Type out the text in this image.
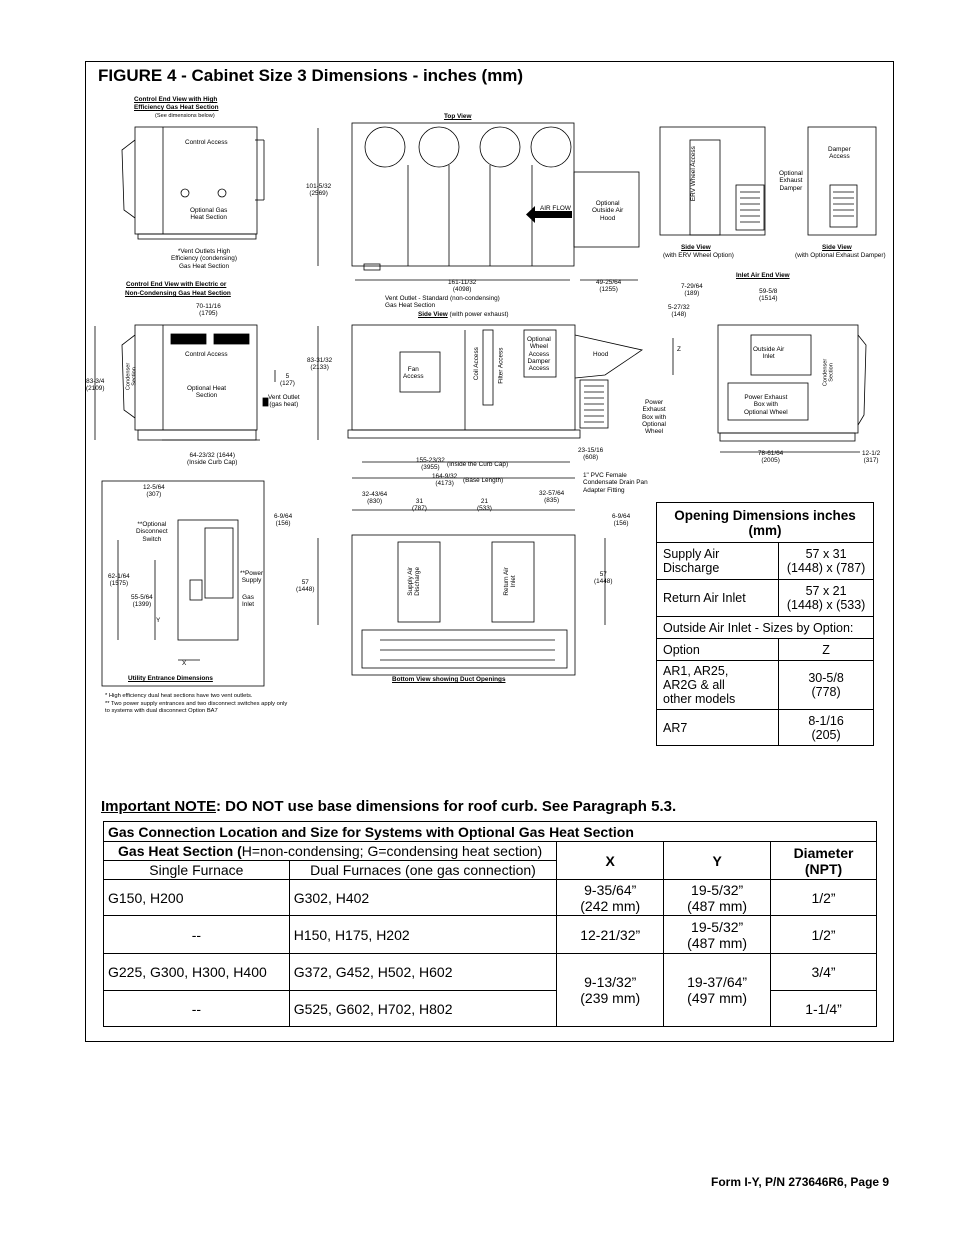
FIGURE 4 - Cabinet Size 3 Dimensions - inches (mm)
Control End View with High
Efficiency Gas Heat Section
(See dimensions below)
Control Access
Optional Gas
Heat Section
*Vent Outlets High
Efficiency (condensing)
Gas Heat Section
Top View
101-5/32
(2569)
AIR FLOW
Optional
Outside Air
Hood
161-11/32
(4098)
49-25/64
(1255)
Vent Outlet - Standard (non-condensing)
Gas Heat Section
Side View (with power exhaust)
Control End View with Electric or
Non-Condensing Gas Heat Section
70-11/16
(1795)
83-3/4
(2109)	Condenser
Section
Control Access
Optional Heat
Section
5
(127)
Vent Outlet
(gas heat)
64-23/32 (1644)
(Inside Curb Cap)
83-31/32
(2133)	Fan
Access	Coil Access	Filter Access
Optional
Wheel
Access
Damper
Access
Hood
Power
Exhaust
Box with
Optional
Wheel
23-15/16
(608)
155-23/32
(3955)	(Inside the Curb Cap)
164-9/32
(4173)	(Base Length)
1" PVC Female
Condensate Drain Pan
Adapter Fitting
ERV Wheel Access
Side View
(with ERV Wheel Option)
Damper
Access
Optional
Exhaust
Damper
Side View
(with Optional Exhaust Damper)
Inlet Air End View
7-29/64
(189)
5-27/32
(148)
59-5/8
(1514)
Z	Outside Air
Inlet
Condenser
Section
Power Exhaust
Box with
Optional Wheel
78-61/64
(2005)
12-1/2
(317)
12-5/64
(307)
**Optional
Disconnect
Switch
**Power
Supply
Gas
Inlet
62-1/64
(1575)
55-5/64
(1399)
Y
X
Utility Entrance Dimensions
6-9/64
(156)
32-43/64
(830)	31
(787)
21
(533)
32-57/64
(835)
6-9/64
(156)
57
(1448)
57
(1448)
Supply Air
Discharge	Return Air
Inlet
Bottom View showing Duct Openings
* High efficiency dual heat sections have two vent outlets.
** Two power supply entrances and two disconnect switches apply only
to systems with dual disconnect Option BA7
Opening Dimensions inches (mm)	
Supply Air Discharge	57 x 31
(1448) x (787)
Return Air Inlet	57 x 21
(1448) x (533)
Outside Air Inlet - Sizes by Option:	
Option	Z
AR1, AR25,
AR2G & all
other models	30-5/8
(778)
AR7	8-1/16
(205)
Important NOTE: DO NOT use base dimensions for roof curb. See Paragraph 5.3.
Gas Connection Location and Size for Systems with Optional Gas Heat Section				
Gas Heat Section (H=non-condensing; G=condensing heat section)		X	Y	Diameter
(NPT)
Single Furnace	Dual Furnaces (one gas connection)			
G150, H200	G302, H402	9-35/64”
(242 mm)	19-5/32”
(487 mm)	1/2”
--	H150, H175, H202	12-21/32”	19-5/32”
(487 mm)	1/2”
G225, G300, H300, H400	G372, G452, H502, H602	9-13/32”
(239 mm)	19-37/64”
(497 mm)	3/4”
--	G525, G602, H702, H802			1-1/4”
Form I-Y, P/N 273646R6, Page 9
